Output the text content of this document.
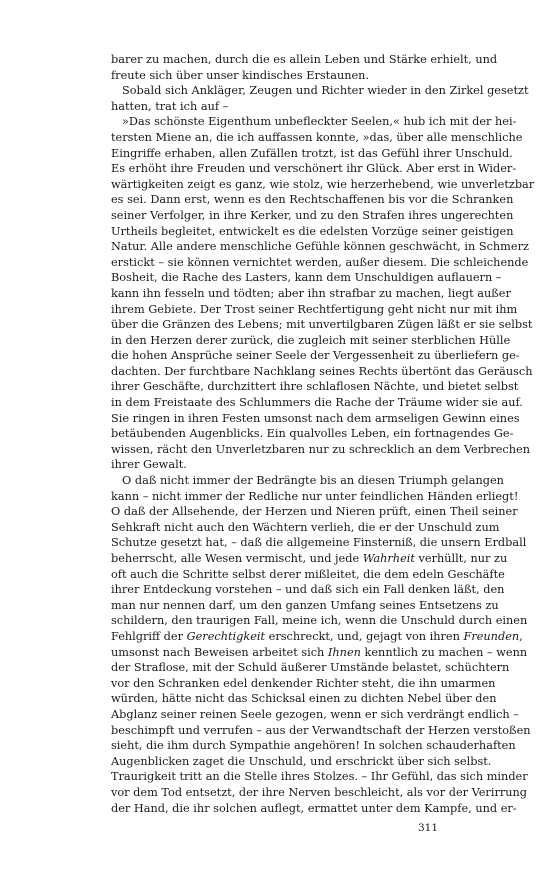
barer zu machen, durch die es allein Leben und Stärke erhielt, und
freute sich über unser kindisches Erstaunen.
Sobald sich Ankläger, Zeugen und Richter wieder in den Zirkel gesetzt
hatten, trat ich auf –
»Das schönste Eigenthum unbefleckter Seelen,« hub ich mit der hei-
tersten Miene an, die ich auffassen konnte, »das, über alle menschliche
Eingriffe erhaben, allen Zufällen trotzt, ist das Gefühl ihrer Unschuld.
Es erhöht ihre Freuden und verschönert ihr Glück. Aber erst in Wider-
wärtigkeiten zeigt es ganz, wie stolz, wie herzerhebend, wie unverletzbar
es sei. Dann erst, wenn es den Rechtschaffenen bis vor die Schranken
seiner Verfolger, in ihre Kerker, und zu den Strafen ihres ungerechten
Urtheils begleitet, entwickelt es die edelsten Vorzüge seiner geistigen
Natur. Alle andere menschliche Gefühle können geschwächt, in Schmerz
erstickt – sie können vernichtet werden, außer diesem. Die schleichende
Bosheit, die Rache des Lasters, kann dem Unschuldigen auflauern –
kann ihn fesseln und tödten; aber ihn strafbar zu machen, liegt außer
ihrem Gebiete. Der Trost seiner Rechtfertigung geht nicht nur mit ihm
über die Gränzen des Lebens; mit unvertilgbaren Zügen läßt er sie selbst
in den Herzen derer zurück, die zugleich mit seiner sterblichen Hülle
die hohen Ansprüche seiner Seele der Vergessenheit zu überliefern ge-
dachten. Der furchtbare Nachklang seines Rechts übertönt das Geräusch
ihrer Geschäfte, durchzittert ihre schlaflosen Nächte, und bietet selbst
in dem Freistaate des Schlummers die Rache der Träume wider sie auf.
Sie ringen in ihren Festen umsonst nach dem armseligen Gewinn eines
betäubenden Augenblicks. Ein qualvolles Leben, ein fortnagendes Ge-
wissen, rächt den Unverletzbaren nur zu schrecklich an dem Verbrechen
ihrer Gewalt.
O daß nicht immer der Bedrängte bis an diesen Triumph gelangen
kann – nicht immer der Redliche nur unter feindlichen Händen erliegt!
O daß der Allsehende, der Herzen und Nieren prüft, einen Theil seiner
Sehkraft nicht auch den Wächtern verlieh, die er der Unschuld zum
Schutze gesetzt hat, – daß die allgemeine Finsterniß, die unsern Erdball
beherrscht, alle Wesen vermischt, und jede Wahrheit verhüllt, nur zu
oft auch die Schritte selbst derer mißleitet, die dem edeln Geschäfte
ihrer Entdeckung vorstehen – und daß sich ein Fall denken läßt, den
man nur nennen darf, um den ganzen Umfang seines Entsetzens zu
schildern, den traurigen Fall, meine ich, wenn die Unschuld durch einen
Fehlgriff der Gerechtigkeit erschreckt, und, gejagt von ihren Freunden,
umsonst nach Beweisen arbeitet sich Ihnen kenntlich zu machen – wenn
der Straflose, mit der Schuld äußerer Umstände belastet, schüchtern
vor den Schranken edel denkender Richter steht, die ihn umarmen
würden, hätte nicht das Schicksal einen zu dichten Nebel über den
Abglanz seiner reinen Seele gezogen, wenn er sich verdrängt endlich –
beschimpft und verrufen – aus der Verwandtschaft der Herzen verstoßen
sieht, die ihm durch Sympathie angehören! In solchen schauderhaften
Augenblicken zaget die Unschuld, und erschrickt über sich selbst.
Traurigkeit tritt an die Stelle ihres Stolzes. – Ihr Gefühl, das sich minder
vor dem Tod entsetzt, der ihre Nerven beschleicht, als vor der Verirrung
der Hand, die ihr solchen auflegt, ermattet unter dem Kampfe, und er-
311
